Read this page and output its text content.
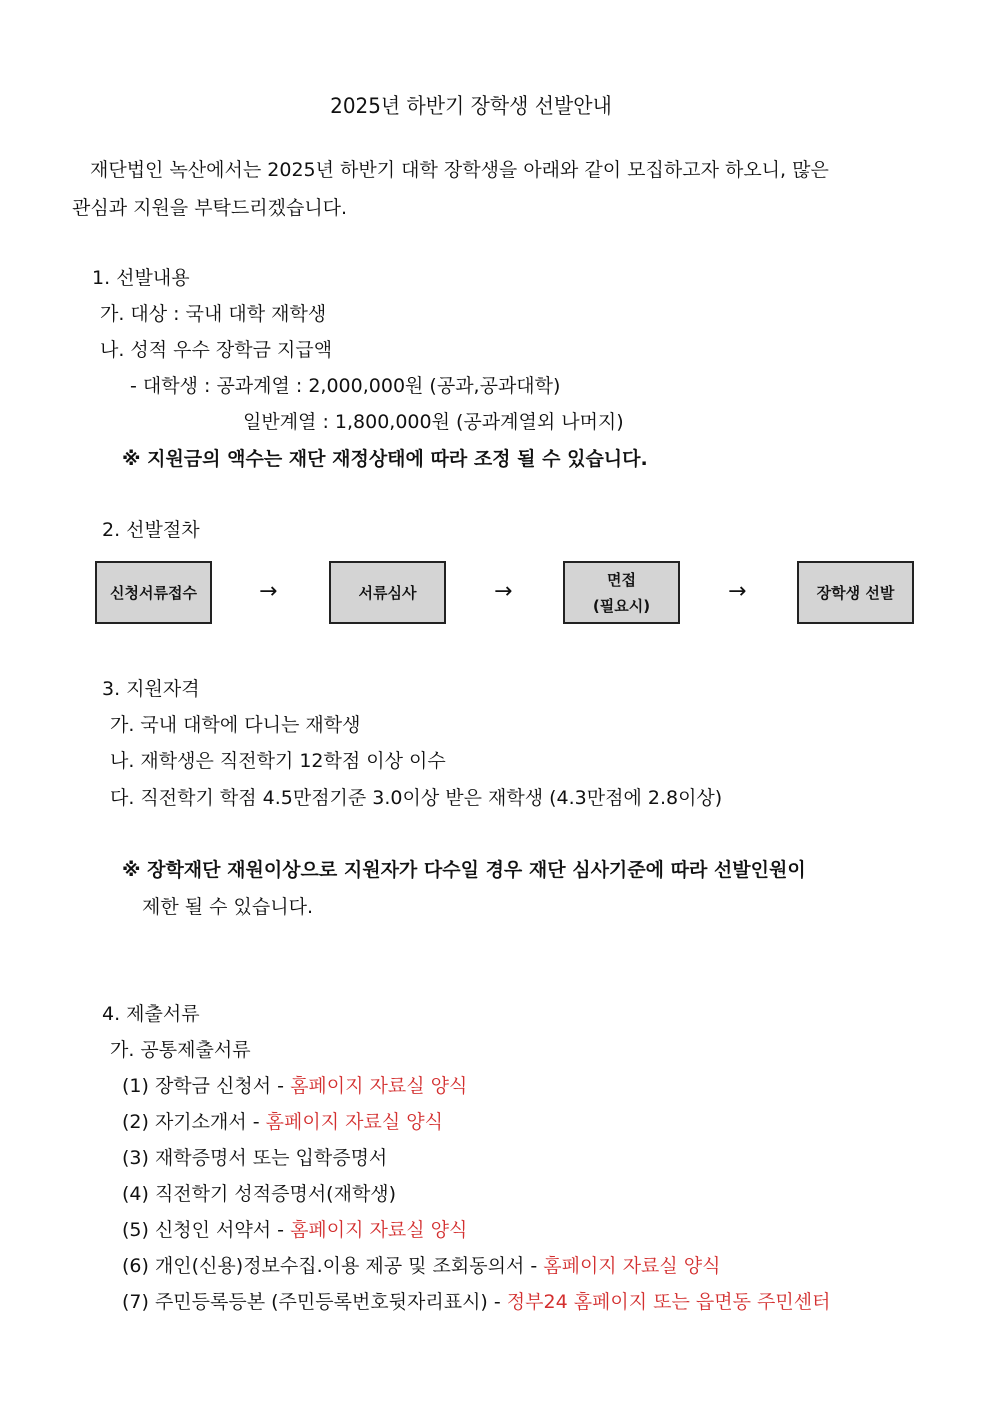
2025년 하반기 장학생 선발안내
재단법인 녹산에서는 2025년 하반기 대학 장학생을 아래와 같이 모집하고자 하오니, 많은
관심과 지원을 부탁드리겠습니다.
1. 선발내용
가. 대상 : 국내 대학 재학생
나. 성적 우수 장학금 지급액
- 대학생 : 공과계열 : 2,000,000원 (공과,공과대학)
일반계열 : 1,800,000원 (공과계열외 나머지)
※ 지원금의 액수는 재단 재정상태에 따라 조정 될 수 있습니다.
2. 선발절차
신청서류접수	→	서류심사	→	면접
(필요시)
→	장학생 선발
3. 지원자격
가. 국내 대학에 다니는 재학생
나. 재학생은 직전학기 12학점 이상 이수
다. 직전학기 학점 4.5만점기준 3.0이상 받은 재학생 (4.3만점에 2.8이상)
※ 장학재단 재원이상으로 지원자가 다수일 경우 재단 심사기준에 따라 선발인원이
제한 될 수 있습니다.
4. 제출서류
가. 공통제출서류
(1) 장학금 신청서 - 홈페이지 자료실 양식
(2) 자기소개서 - 홈페이지 자료실 양식
(3) 재학증명서 또는 입학증명서
(4) 직전학기 성적증명서(재학생)
(5) 신청인 서약서 - 홈페이지 자료실 양식
(6) 개인(신용)정보수집.이용 제공 및 조회동의서 - 홈페이지 자료실 양식
(7) 주민등록등본 (주민등록번호뒷자리표시) - 정부24 홈페이지 또는 읍면동 주민센터
